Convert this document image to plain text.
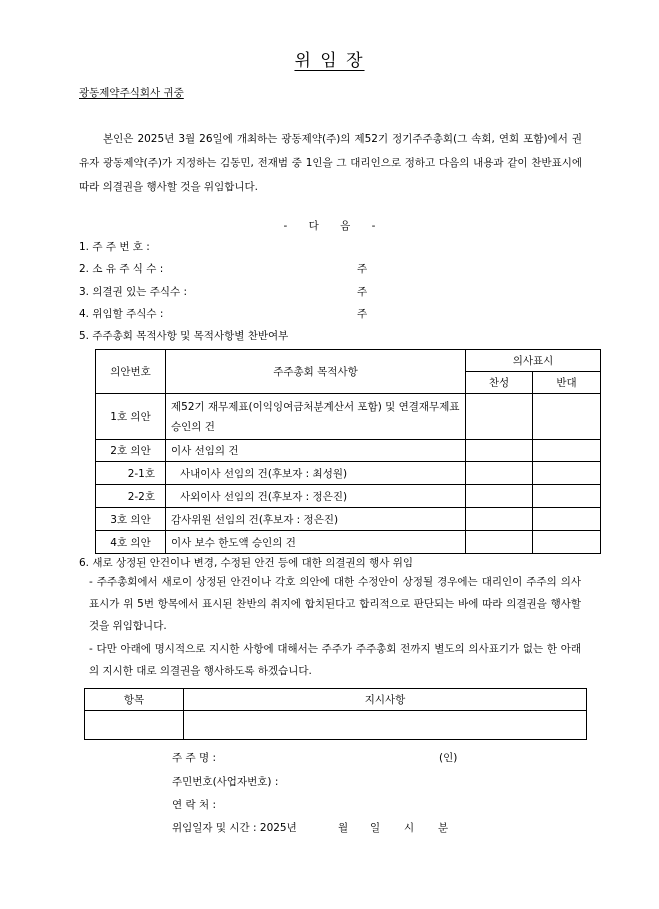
위 임 장
광동제약주식회사 귀중
본인은 2025년 3월 26일에 개최하는 광동제약(주)의 제52기 정기주주총회(그 속회, 연회 포함)에서 권유자 광동제약(주)가 지정하는 김동민, 전재범 중 1인을 그 대리인으로 정하고 다음의 내용과 같이 찬반표시에 따라 의결권을 행사할 것을 위임합니다.
- 다 음 -
1. 주 주 번 호 :
2. 소 유 주 식 수 :	주
3. 의결권 있는 주식수 :	주
4. 위임할 주식수 :	주
5. 주주총회 목적사항 및 목적사항별 찬반여부
의안번호	주주총회 목적사항	의사표시	
		찬성	반대
1호 의안	제52기 재무제표(이익잉여금처분계산서 포함) 및 연결재무제표 승인의 건		
2호 의안	이사 선임의 건		
2-1호	사내이사 선임의 건(후보자 : 최성원)		
2-2호	사외이사 선임의 건(후보자 : 정은진)		
3호 의안	감사위원 선임의 건(후보자 : 정은진)		
4호 의안	이사 보수 한도액 승인의 건		
6. 새로 상정된 안건이나 변경, 수정된 안건 등에 대한 의결권의 행사 위임
- 주주총회에서 새로이 상정된 안건이나 각호 의안에 대한 수정안이 상정될 경우에는 대리인이 주주의 의사표시가 위 5번 항목에서 표시된 찬반의 취지에 합치된다고 합리적으로 판단되는 바에 따라 의결권을 행사할 것을 위임합니다.
- 다만 아래에 명시적으로 지시한 사항에 대해서는 주주가 주주총회 전까지 별도의 의사표기가 없는 한 아래의 지시한 대로 의결권을 행사하도록 하겠습니다.
항목	지시사항

주 주 명 :	(인)
주민번호(사업자번호) :
연 락 처 :
위임일자 및 시간 : 2025년	월 일 시 분
